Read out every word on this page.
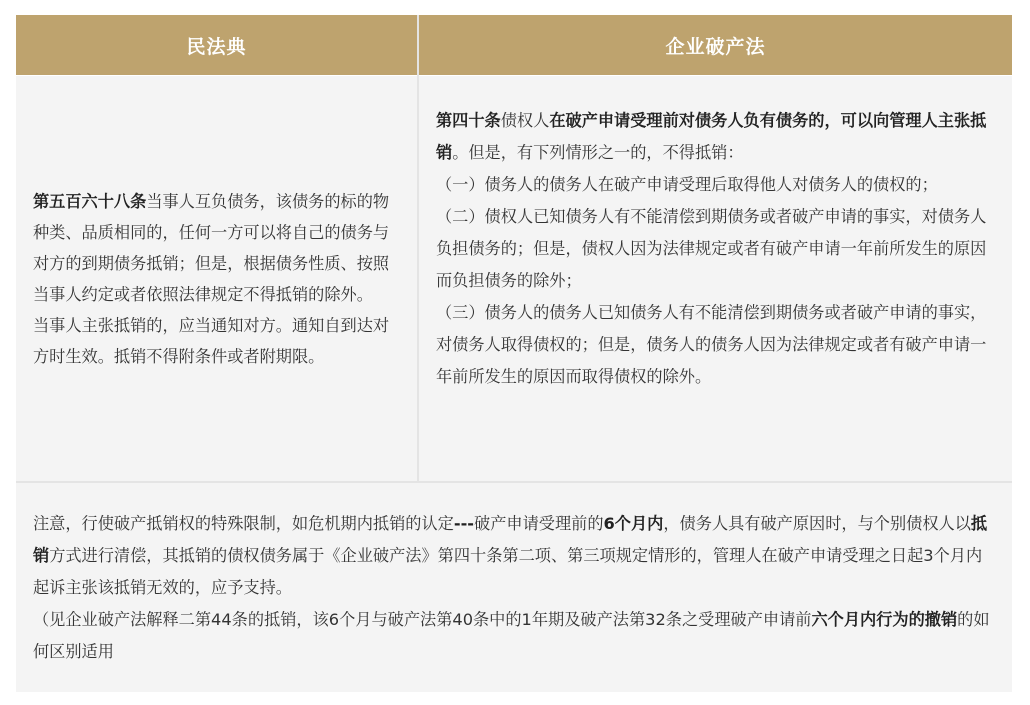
民法典	企业破产法

第五百六十八条当事人互负债务，该债务的标的物种类、品质相同的，任何一方可以将自己的债务与对方的到期债务抵销；但是，根据债务性质、按照当事人约定或者依照法律规定不得抵销的除外。

当事人主张抵销的，应当通知对方。通知自到达对方时生效。抵销不得附条件或者附期限。

第四十条债权人在破产申请受理前对债务人负有债务的，可以向管理人主张抵销。但是，有下列情形之一的，不得抵销：

（一）债务人的债务人在破产申请受理后取得他人对债务人的债权的；

（二）债权人已知债务人有不能清偿到期债务或者破产申请的事实，对债务人负担债务的；但是，债权人因为法律规定或者有破产申请一年前所发生的原因而负担债务的除外；

（三）债务人的债务人已知债务人有不能清偿到期债务或者破产申请的事实，对债务人取得债权的；但是，债务人的债务人因为法律规定或者有破产申请一年前所发生的原因而取得债权的除外。

注意，行使破产抵销权的特殊限制，如危机期内抵销的认定---破产申请受理前的6个月内，债务人具有破产原因时，与个别债权人以抵销方式进行清偿，其抵销的债权债务属于《企业破产法》第四十条第二项、第三项规定情形的，管理人在破产申请受理之日起3个月内起诉主张该抵销无效的，应予支持。

（见企业破产法解释二第44条的抵销，该6个月与破产法第40条中的1年期及破产法第32条之受理破产申请前六个月内行为的撤销的如何区别适用
